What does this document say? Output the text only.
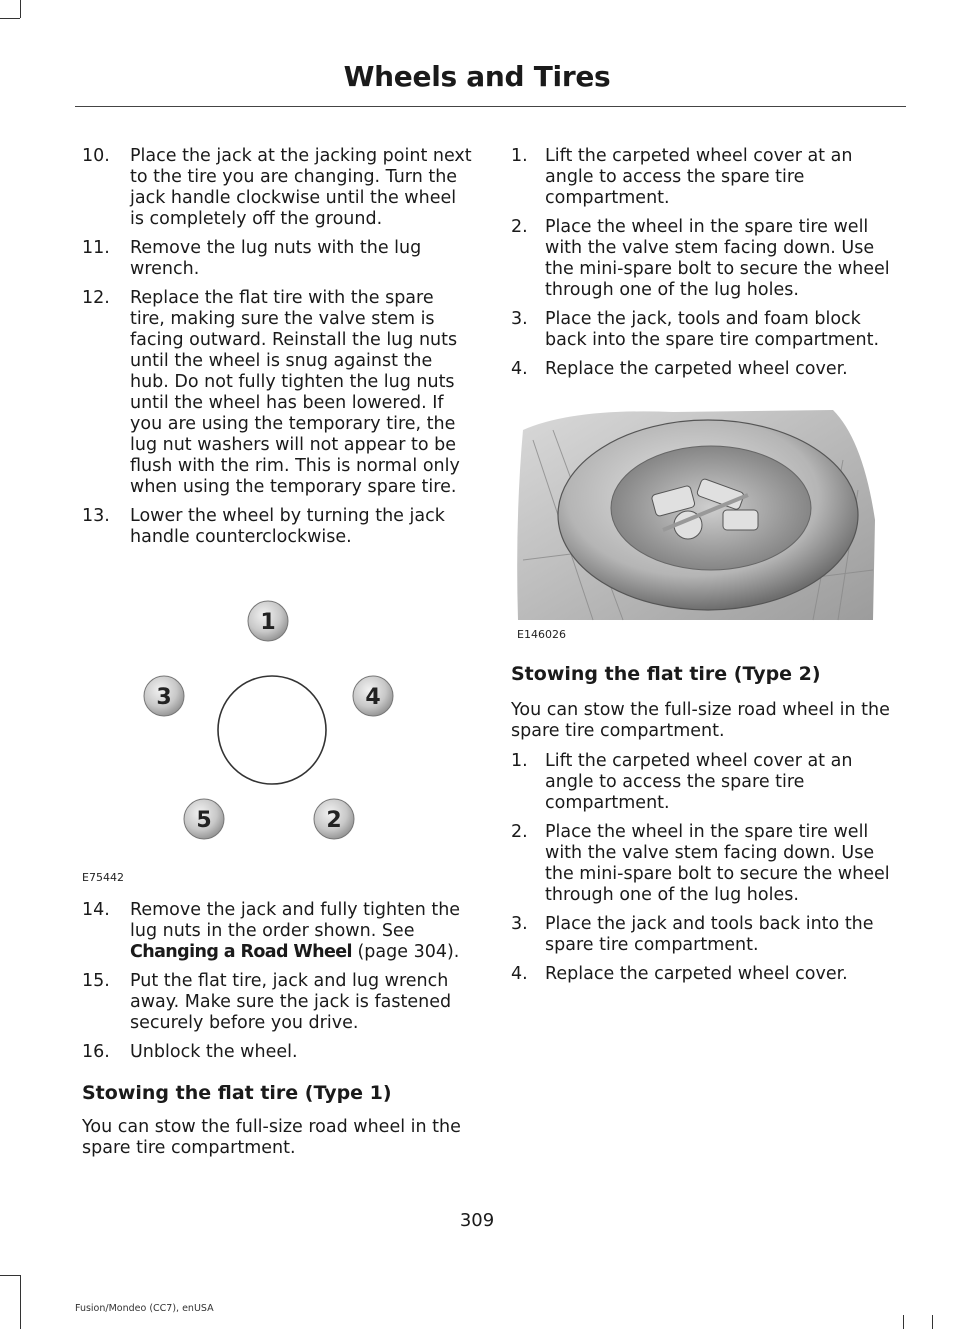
Wheels and Tires
10. Place the jack at the jacking point next to the tire you are changing. Turn the jack handle clockwise until the wheel is completely off the ground.
11. Remove the lug nuts with the lug wrench.
12. Replace the flat tire with the spare tire, making sure the valve stem is facing outward. Reinstall the lug nuts until the wheel is snug against the hub. Do not fully tighten the lug nuts until the wheel has been lowered. If you are using the temporary tire, the lug nut washers will not appear to be flush with the rim. This is normal only when using the temporary spare tire.
13. Lower the wheel by turning the jack handle counterclockwise.
1
2
3	4
5
E75442
14. Remove the jack and fully tighten the lug nuts in the order shown. See Changing a Road Wheel (page 304).
15. Put the flat tire, jack and lug wrench away. Make sure the jack is fastened securely before you drive.
16. Unblock the wheel.
Stowing the flat tire (Type 1)

You can stow the full-size road wheel in the spare tire compartment.

1. Lift the carpeted wheel cover at an angle to access the spare tire compartment.
2. Place the wheel in the spare tire well with the valve stem facing down. Use the mini-spare bolt to secure the wheel through one of the lug holes.
3. Place the jack, tools and foam block back into the spare tire compartment.
4. Replace the carpeted wheel cover.
E146026
Stowing the flat tire (Type 2)

You can stow the full-size road wheel in the spare tire compartment.

1. Lift the carpeted wheel cover at an angle to access the spare tire compartment.
2. Place the wheel in the spare tire well with the valve stem facing down. Use the mini-spare bolt to secure the wheel through one of the lug holes.
3. Place the jack and tools back into the spare tire compartment.
4. Replace the carpeted wheel cover.
309
Fusion/Mondeo (CC7), enUSA
